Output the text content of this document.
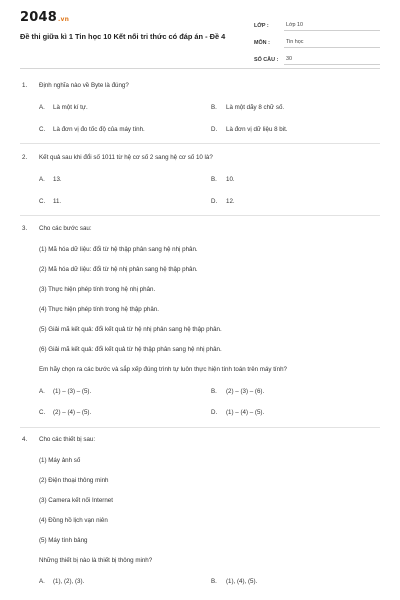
2048.vn
Đề thi giữa kì 1 Tin học 10 Kết nối tri thức có đáp án - Đề 4
LỚP :	Lớp 10
MÔN :	Tin học
SỐ CÂU :	30
1. Định nghĩa nào về Byte là đúng?
A. Là một kí tự.	B. Là một dãy 8 chữ số.
C. Là đơn vị đo tốc độ của máy tính.	D. Là đơn vị dữ liệu 8 bit.
2. Kết quả sau khi đổi số 1011 từ hệ cơ số 2 sang hệ cơ số 10 là?
A. 13.	B. 10.
C. 11.	D. 12.
3. Cho các bước sau:
(1) Mã hóa dữ liệu: đổi từ hệ thập phân sang hệ nhị phân.
(2) Mã hóa dữ liệu: đổi từ hệ nhị phân sang hệ thập phân.
(3) Thực hiện phép tính trong hệ nhị phân.
(4) Thực hiện phép tính trong hệ thập phân.
(5) Giải mã kết quả: đổi kết quả từ hệ nhị phân sang hệ thập phân.
(6) Giải mã kết quả: đổi kết quả từ hệ thập phân sang hệ nhị phân.
Em hãy chọn ra các bước và sắp xếp đúng trình tự luôn thực hiện tính toán trên máy tính?
A. (1) – (3) – (5).	B. (2) – (3) – (6).
C. (2) – (4) – (5).	D. (1) – (4) – (5).
4. Cho các thiết bị sau:
(1) Máy ảnh số
(2) Điện thoại thông minh
(3) Camera kết nối Internet
(4) Đồng hồ lịch vạn niên
(5) Máy tính bảng
Những thiết bị nào là thiết bị thông minh?
A. (1), (2), (3).	B. (1), (4), (5).
